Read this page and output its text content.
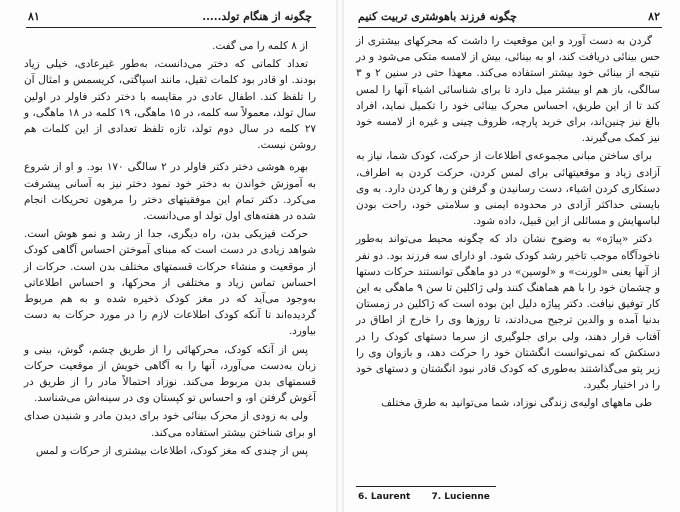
۸۱	چگونه از هنگام تولد.....

از ۸ کلمه را می گفت.

تعداد کلماتی که دختر می‌دانست، به‌طور غیرعادی، خیلی زیاد بودند. او قادر بود کلمات ثقیل، مانند اسپاگتی، کریسمس و امثال آن را تلفظ کند. اطفال عادی در مقایسه با دختر دکتر فاولر در اولین سال تولد، معمولاً سه کلمه، در ۱۵ ماهگی، ۱۹ کلمه در ۱۸ ماهگی، و ۲۷ کلمه در سال دوم تولد، تازه تلفظ تعدادی از این کلمات هم روشن نیست.

بهره هوشی دختر دکتر فاولر در ۲ سالگی ۱۷۰ بود. و او از شروع به آموزش خواندن به دختر خود نمود دختر نیز به آسانی پیشرفت می‌کرد. دکتر تمام این موفقیتهای دختر را مرهون تحریکات انجام شده در هفته‌های اول تولد او می‌دانست.

حرکت فیزیکی بدن، راه دیگری، جدا از رشد و نمو هوش است. شواهد زیادی در دست است که مبنای آموختن احساس آگاهی کودک از موقعیت و منشاء حرکات قسمتهای مختلف بدن است. حرکات از احساس تماس زیاد و مختلفی از محرکها، و احساس اطلاعاتی به‌وجود می‌آید که در مغز کودک ذخیره شده و به هم مربوط گردیده‌اند تا آنکه کودک اطلاعات لازم را در مورد حرکات به دست بیاورد.

پس از آنکه کودک، محرکهائی را از طریق چشم، گوش، بینی و زبان به‌دست می‌آورد، آنها را به آگاهی خویش از موقعیت حرکات قسمتهای بدن مربوط می‌کند. نوزاد احتمالاً مادر را از طریق در آغوش گرفتن او، و احساس تو کپستان وی در سینه‌اش می‌شناسد.

ولی به زودی از محرک بینائی خود برای دیدن مادر و شنیدن صدای او برای شناختن بیشتر استفاده می‌کند.

پس از چندی که مغز کودک، اطلاعات بیشتری از حرکات و لمس

۸۲
چگونه فرزند باهوشتری تربیت کنیم

گردن به دست آورد و این موقعیت را داشت که محرکهای بیشتری از حس بینائی دریافت کند، او به بینائی، بیش از لامسه متکی می‌شود و در نتیجه از بینائی خود بیشتر استفاده می‌کند. معهذا حتی در سنین ۲ و ۳ سالگی، باز هم او بیشتر میل دارد تا برای شناسائی اشیاء آنها را لمس کند تا از این طریق، احساس محرک بینائی خود را تکمیل نماید، افراد بالغ نیز چنین‌اند، برای خرید پارچه، ظروف چینی و غیره از لامسه خود نیز کمک می‌گیرند.

برای ساختن مبانی مجموعه‌ی اطلاعات از حرکت، کودک شما، نیاز به آزادی زیاد و موقعیتهائی برای لمس کردن، حرکت کردن به اطراف، دستکاری کردن اشیاء، دست رسانیدن و گرفتن و رها کردن دارد. به وی بایستی حداکثر آزادی در محدوده ایمنی و سلامتی خود، راحت بودن لباسهایش و مسائلی از این قبیل، داده شود.

دکتر «پیاژه» به وضوح نشان داد که چگونه محیط می‌تواند به‌طور ناخودآگاه موجب تاخیر رشد کودک شود. او دارای سه فرزند بود. دو نفر از آنها یعنی «لورنت» و «لوسین» در دو ماهگی توانستند حرکات دستها و چشمان خود را با هم هماهنگ کنند ولی ژاکلین تا سن ۹ ماهگی به این کار توفیق نیافت. دکتر پیاژه دلیل این بوده است که ژاکلین در زمستان بدنیا آمده و والدین ترجیح می‌دادند، تا روزها وی را خارج از اطاق در آفتاب قرار دهند، ولی برای جلوگیری از سرما دستهای کودک را در دستکش که نمی‌توانست انگشتان خود را حرکت دهد، و بازوان وی را زیر پتو می‌گذاشتند به‌طوری که کودک قادر نبود انگشتان و دستهای خود را در اختیار بگیرد.

طی ماههای اولیه‌ی زندگی نوزاد، شما می‌توانید به طرق مختلف

6. Laurent 7. Lucienne
